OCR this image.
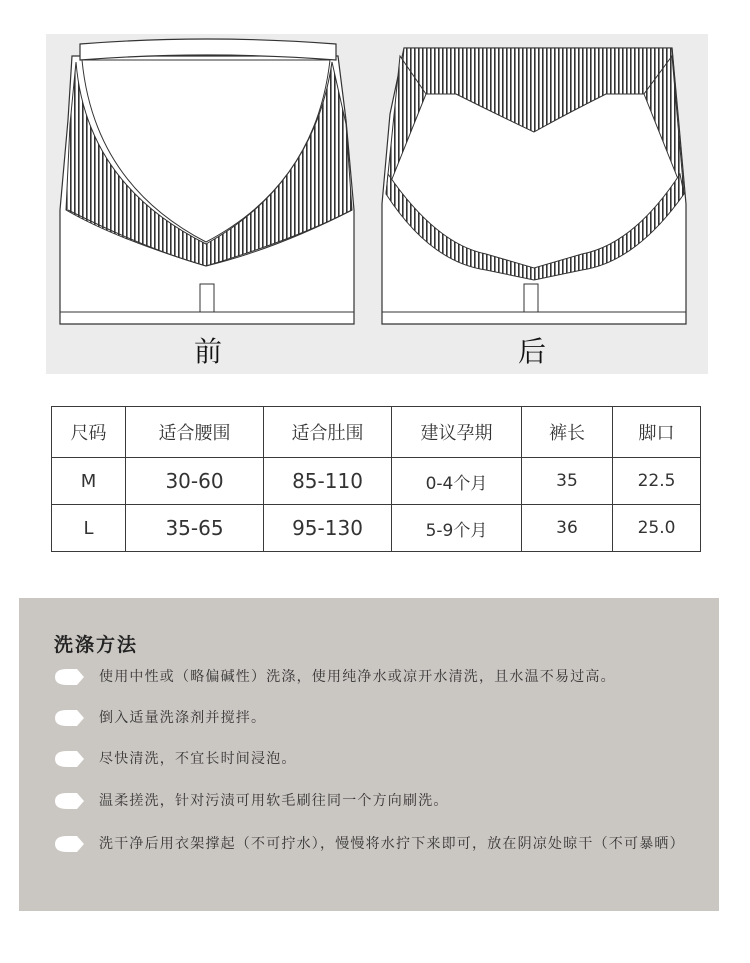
前	后
尺码	适合腰围	适合肚围	建议孕期	裤长	脚口
M	30-60	85-110	0-4个月	35	22.5
L	35-65	95-130	5-9个月	36	25.0
洗涤方法
使用中性或（略偏碱性）洗涤，使用纯净水或凉开水清洗，且水温不易过高。
倒入适量洗涤剂并搅拌。
尽快清洗，不宜长时间浸泡。
温柔搓洗，针对污渍可用软毛刷往同一个方向刷洗。
洗干净后用衣架撑起（不可拧水），慢慢将水拧下来即可，放在阴凉处晾干（不可暴晒）
